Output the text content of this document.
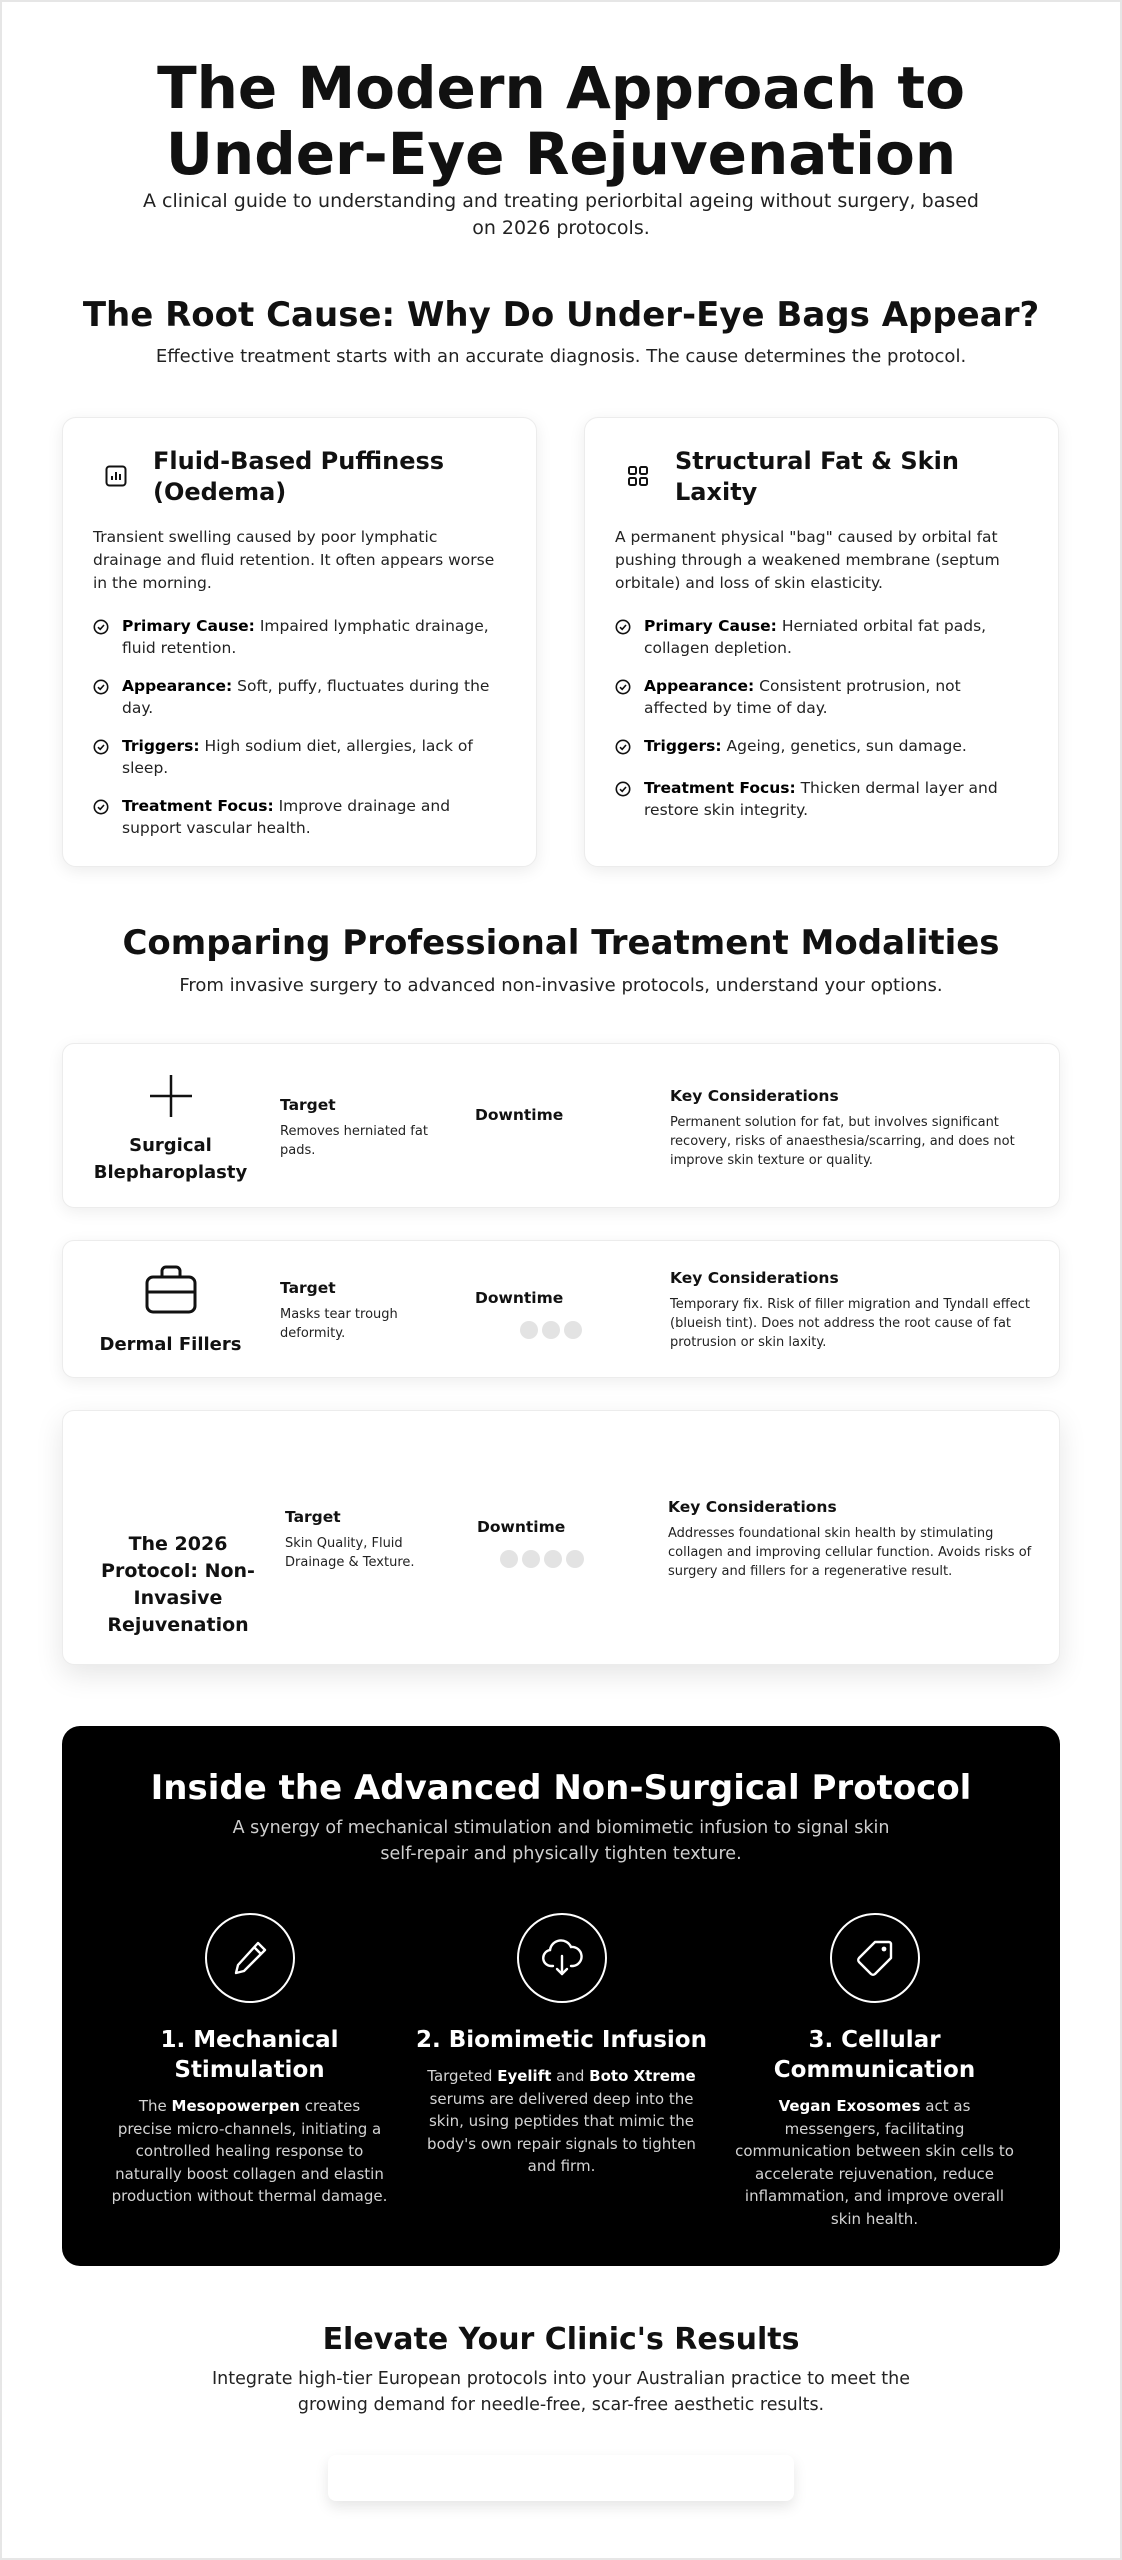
The Modern Approach to Under-Eye Rejuvenation

A clinical guide to understanding and treating periorbital ageing without surgery, based on 2026 protocols.

The Root Cause: Why Do Under-Eye Bags Appear?

Effective treatment starts with an accurate diagnosis. The cause determines the protocol.

Fluid-Based Puffiness (Oedema)

Transient swelling caused by poor lymphatic drainage and fluid retention. It often appears worse in the morning.

Primary Cause: Impaired lymphatic drainage, fluid retention.
Appearance: Soft, puffy, fluctuates during the day.
Triggers: High sodium diet, allergies, lack of sleep.
Treatment Focus: Improve drainage and support vascular health.
Structural Fat & Skin Laxity

A permanent physical "bag" caused by orbital fat pushing through a weakened membrane (septum orbitale) and loss of skin elasticity.

Primary Cause: Herniated orbital fat pads, collagen depletion.
Appearance: Consistent protrusion, not affected by time of day.
Triggers: Ageing, genetics, sun damage.
Treatment Focus: Thicken dermal layer and restore skin integrity.
Comparing Professional Treatment Modalities

From invasive surgery to advanced non-invasive protocols, understand your options.

Surgical Blepharoplasty
Target
Removes herniated fat pads.
Downtime
Key Considerations
Permanent solution for fat, but involves significant recovery, risks of anaesthesia/scarring, and does not improve skin texture or quality.
Dermal Fillers
Target
Masks tear trough deformity.
Downtime
Key Considerations
Temporary fix. Risk of filler migration and Tyndall effect (blueish tint). Does not address the root cause of fat protrusion or skin laxity.
The 2026 Protocol: Non-Invasive Rejuvenation
Target
Skin Quality, Fluid Drainage & Texture.
Downtime
Key Considerations
Addresses foundational skin health by stimulating collagen and improving cellular function. Avoids risks of surgery and fillers for a regenerative result.
Inside the Advanced Non-Surgical Protocol

A synergy of mechanical stimulation and biomimetic infusion to signal skin self-repair and physically tighten texture.

1. Mechanical Stimulation

The Mesopowerpen creates precise micro-channels, initiating a controlled healing response to naturally boost collagen and elastin production without thermal damage.

2. Biomimetic Infusion

Targeted Eyelift and Boto Xtreme serums are delivered deep into the skin, using peptides that mimic the body's own repair signals to tighten and firm.

3. Cellular Communication

Vegan Exosomes act as messengers, facilitating communication between skin cells to accelerate rejuvenation, reduce inflammation, and improve overall skin health.

Elevate Your Clinic's Results

Integrate high-tier European protocols into your Australian practice to meet the growing demand for needle-free, scar-free aesthetic results.
